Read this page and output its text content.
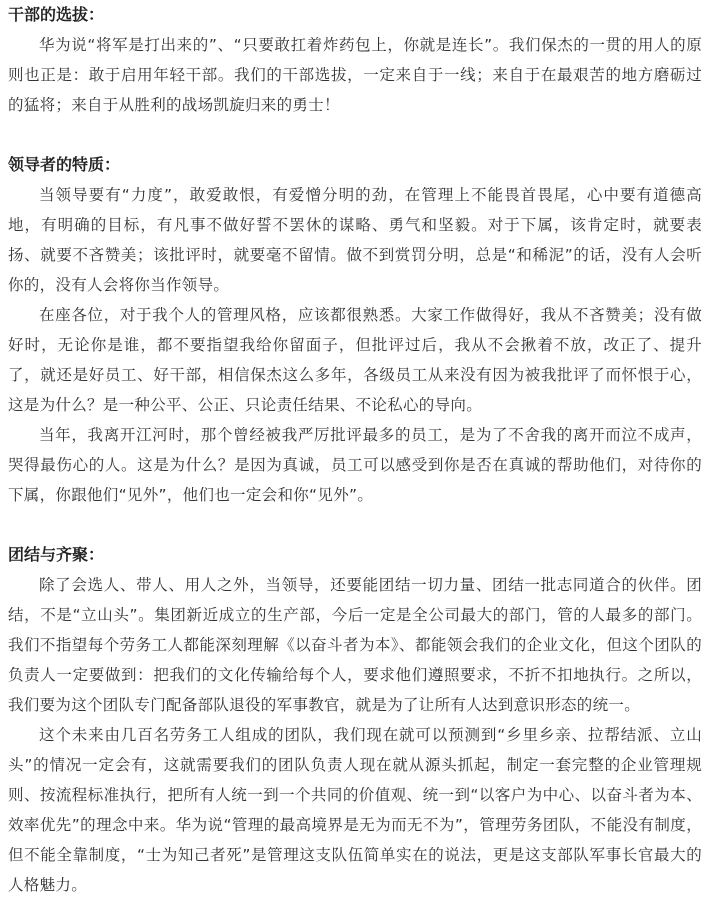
干部的选拔：

华为说“将军是打出来的”、“只要敢扛着炸药包上，你就是连长”。我们保杰的一贯的用人的原则也正是：敢于启用年轻干部。我们的干部选拔，一定来自于一线；来自于在最艰苦的地方磨砺过的猛将；来自于从胜利的战场凯旋归来的勇士！

领导者的特质：

当领导要有“力度”，敢爱敢恨，有爱憎分明的劲，在管理上不能畏首畏尾，心中要有道德高地，有明确的目标，有凡事不做好誓不罢休的谋略、勇气和坚毅。对于下属，该肯定时，就要表扬、就要不吝赞美；该批评时，就要毫不留情。做不到赏罚分明，总是“和稀泥”的话，没有人会听你的，没有人会将你当作领导。

在座各位，对于我个人的管理风格，应该都很熟悉。大家工作做得好，我从不吝赞美；没有做好时，无论你是谁，都不要指望我给你留面子，但批评过后，我从不会揪着不放，改正了、提升了，就还是好员工、好干部，相信保杰这么多年，各级员工从来没有因为被我批评了而怀恨于心，这是为什么？是一种公平、公正、只论责任结果、不论私心的导向。

当年，我离开江河时，那个曾经被我严厉批评最多的员工，是为了不舍我的离开而泣不成声，哭得最伤心的人。这是为什么？是因为真诚，员工可以感受到你是否在真诚的帮助他们，对待你的下属，你跟他们“见外”，他们也一定会和你“见外”。

团结与齐聚：

除了会选人、带人、用人之外，当领导，还要能团结一切力量、团结一批志同道合的伙伴。团结，不是“立山头”。集团新近成立的生产部，今后一定是全公司最大的部门，管的人最多的部门。我们不指望每个劳务工人都能深刻理解《以奋斗者为本》、都能领会我们的企业文化，但这个团队的负责人一定要做到：把我们的文化传输给每个人，要求他们遵照要求，不折不扣地执行。之所以，我们要为这个团队专门配备部队退役的军事教官，就是为了让所有人达到意识形态的统一。

这个未来由几百名劳务工人组成的团队，我们现在就可以预测到“乡里乡亲、拉帮结派、立山头”的情况一定会有，这就需要我们的团队负责人现在就从源头抓起，制定一套完整的企业管理规则、按流程标准执行，把所有人统一到一个共同的价值观、统一到“以客户为中心、以奋斗者为本、效率优先”的理念中来。华为说“管理的最高境界是无为而无不为”，管理劳务团队，不能没有制度，但不能全靠制度，“士为知己者死”是管理这支队伍简单实在的说法，更是这支部队军事长官最大的人格魅力。
